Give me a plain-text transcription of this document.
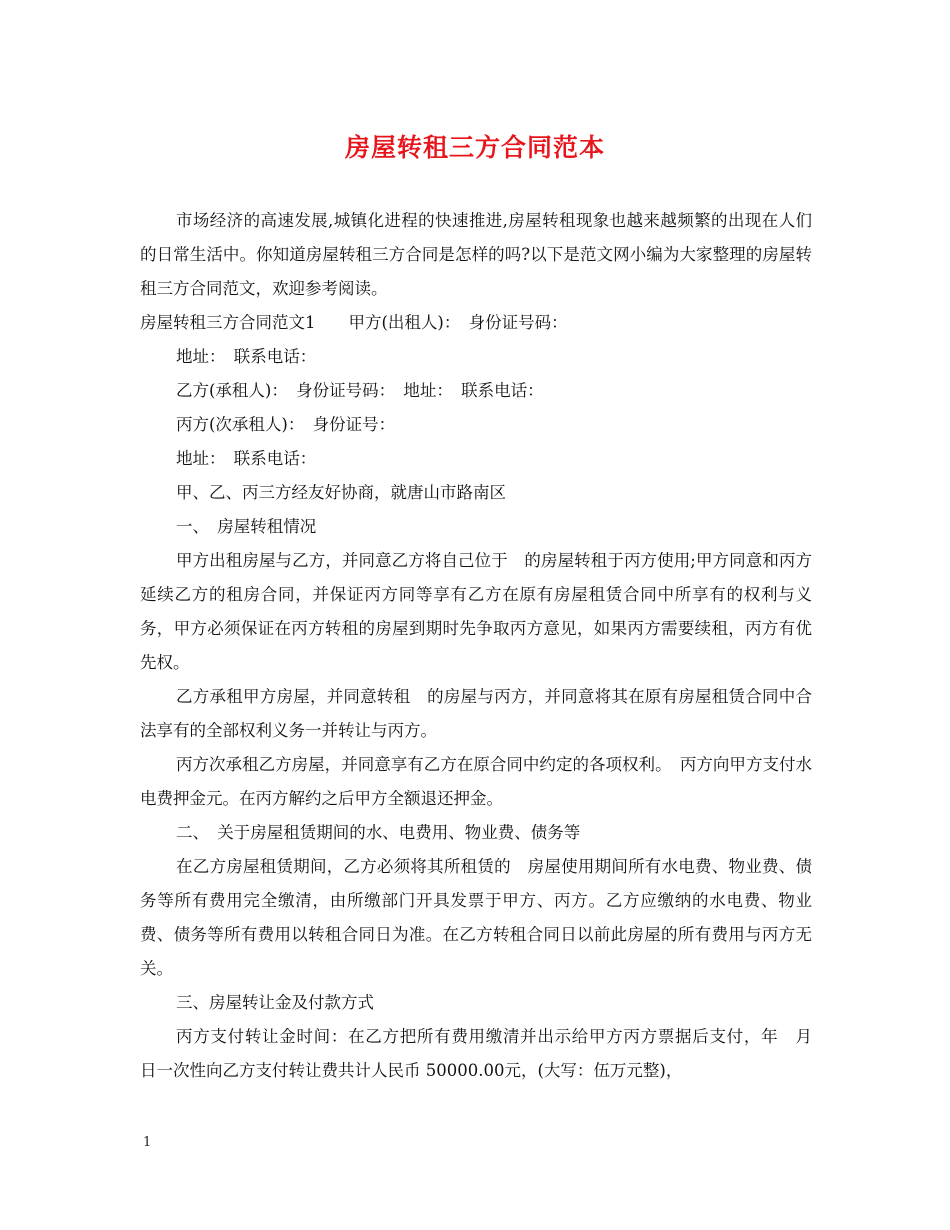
房屋转租三方合同范本

市场经济的高速发展,城镇化进程的快速推进,房屋转租现象也越来越频繁的出现在人们的日常生活中。你知道房屋转租三方合同是怎样的吗?以下是范文网小编为大家整理的房屋转租三方合同范文，欢迎参考阅读。

房屋转租三方合同范文1　　甲方(出租人)：　身份证号码：

地址：　联系电话：

乙方(承租人)：　身份证号码：　地址：　联系电话：

丙方(次承租人)：　身份证号：

地址：　联系电话：

甲、乙、丙三方经友好协商，就唐山市路南区

一、　房屋转租情况

甲方出租房屋与乙方，并同意乙方将自己位于　的房屋转租于丙方使用;甲方同意和丙方延续乙方的租房合同，并保证丙方同等享有乙方在原有房屋租赁合同中所享有的权利与义务，甲方必须保证在丙方转租的房屋到期时先争取丙方意见，如果丙方需要续租，丙方有优先权。

乙方承租甲方房屋，并同意转租　的房屋与丙方，并同意将其在原有房屋租赁合同中合法享有的全部权利义务一并转让与丙方。

丙方次承租乙方房屋，并同意享有乙方在原合同中约定的各项权利。　丙方向甲方支付水电费押金元。在丙方解约之后甲方全额退还押金。

二、　关于房屋租赁期间的水、电费用、物业费、债务等

在乙方房屋租赁期间，乙方必须将其所租赁的　房屋使用期间所有水电费、物业费、债务等所有费用完全缴清，由所缴部门开具发票于甲方、丙方。乙方应缴纳的水电费、物业费、债务等所有费用以转租合同日为准。在乙方转租合同日以前此房屋的所有费用与丙方无关。

三、房屋转让金及付款方式

丙方支付转让金时间：在乙方把所有费用缴清并出示给甲方丙方票据后支付，年　月　日一次性向乙方支付转让费共计人民币 50000.00元，(大写：伍万元整)，

1
